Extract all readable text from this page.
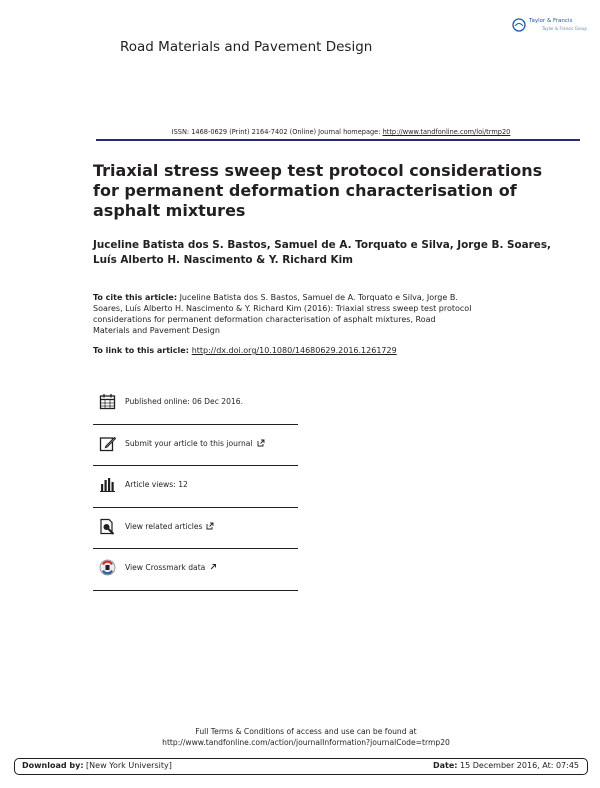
Taylor & Francis
Taylor & Francis Group
Road Materials and Pavement Design
ISSN: 1468-0629 (Print) 2164-7402 (Online) Journal homepage: http://www.tandfonline.com/loi/trmp20
Triaxial stress sweep test protocol considerations for permanent deformation characterisation of asphalt mixtures
Juceline Batista dos S. Bastos, Samuel de A. Torquato e Silva, Jorge B. Soares,
Luís Alberto H. Nascimento & Y. Richard Kim
To cite this article: Juceline Batista dos S. Bastos, Samuel de A. Torquato e Silva, Jorge B.
Soares, Luís Alberto H. Nascimento & Y. Richard Kim (2016): Triaxial stress sweep test protocol
considerations for permanent deformation characterisation of asphalt mixtures, Road
Materials and Pavement Design
To link to this article: http://dx.doi.org/10.1080/14680629.2016.1261729
Published online: 06 Dec 2016.
Submit your article to this journal
Article views: 12
View related articles
View Crossmark data
Full Terms & Conditions of access and use can be found at
http://www.tandfonline.com/action/journalInformation?journalCode=trmp20
Download by: [New York University]	Date: 15 December 2016, At: 07:45
